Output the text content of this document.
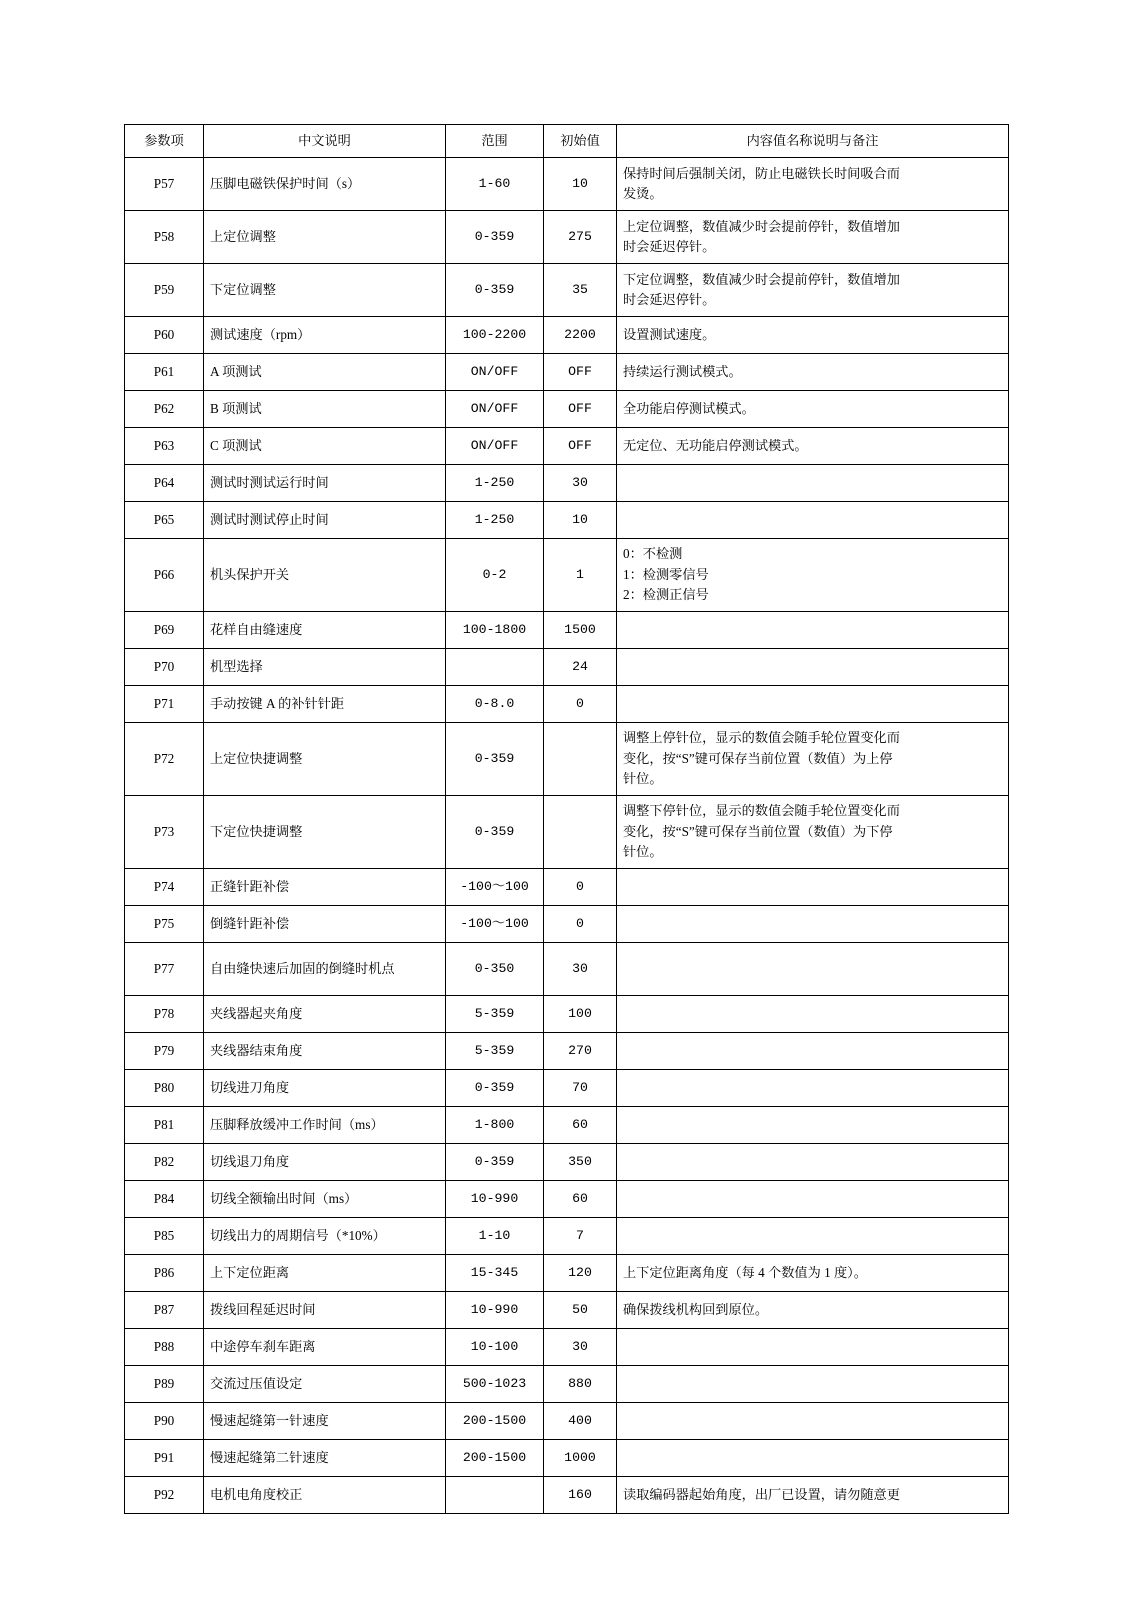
参数项	中文说明	范围	初始值	内容值名称说明与备注
P57	压脚电磁铁保护时间（s）	1-60	10	保持时间后强制关闭，防止电磁铁长时间吸合而
发烫。

P58	上定位调整	0-359	275	上定位调整，数值减少时会提前停针，数值增加
时会延迟停针。

P59	下定位调整	0-359	35	下定位调整，数值减少时会提前停针，数值增加
时会延迟停针。

P60	测试速度（rpm）	100-2200	2200	设置测试速度。

P61	A 项测试	ON/OFF	OFF	持续运行测试模式。

P62	B 项测试	ON/OFF	OFF	全功能启停测试模式。

P63	C 项测试	ON/OFF	OFF	无定位、无功能启停测试模式。

P64	测试时测试运行时间	1-250	30	
P65	测试时测试停止时间	1-250	10	
P66	机头保护开关	0-2	1	0：不检测
1：检测零信号
2：检测正信号

P69	花样自由缝速度	100-1800	1500	
P70	机型选择		24	
P71	手动按键 A 的补针针距	0-8.0	0	
P72	上定位快捷调整	0-359		调整上停针位，显示的数值会随手轮位置变化而
变化，按“S”键可保存当前位置（数值）为上停
针位。

P73	下定位快捷调整	0-359		调整下停针位，显示的数值会随手轮位置变化而
变化，按“S”键可保存当前位置（数值）为下停
针位。

P74	正缝针距补偿	-100～100	0	
P75	倒缝针距补偿	-100～100	0	
P77	自由缝快速后加固的倒缝时机点	0-350	30	
P78	夹线器起夹角度	5-359	100	
P79	夹线器结束角度	5-359	270	
P80	切线进刀角度	0-359	70	
P81	压脚释放缓冲工作时间（ms）	1-800	60	
P82	切线退刀角度	0-359	350	
P84	切线全额输出时间（ms）	10-990	60	
P85	切线出力的周期信号（*10%）	1-10	7	
P86	上下定位距离	15-345	120	上下定位距离角度（每 4 个数值为 1 度）。

P87	拨线回程延迟时间	10-990	50	确保拨线机构回到原位。

P88	中途停车刹车距离	10-100	30	
P89	交流过压值设定	500-1023	880	
P90	慢速起缝第一针速度	200-1500	400	
P91	慢速起缝第二针速度	200-1500	1000	
P92	电机电角度校正		160	读取编码器起始角度，出厂已设置，请勿随意更
